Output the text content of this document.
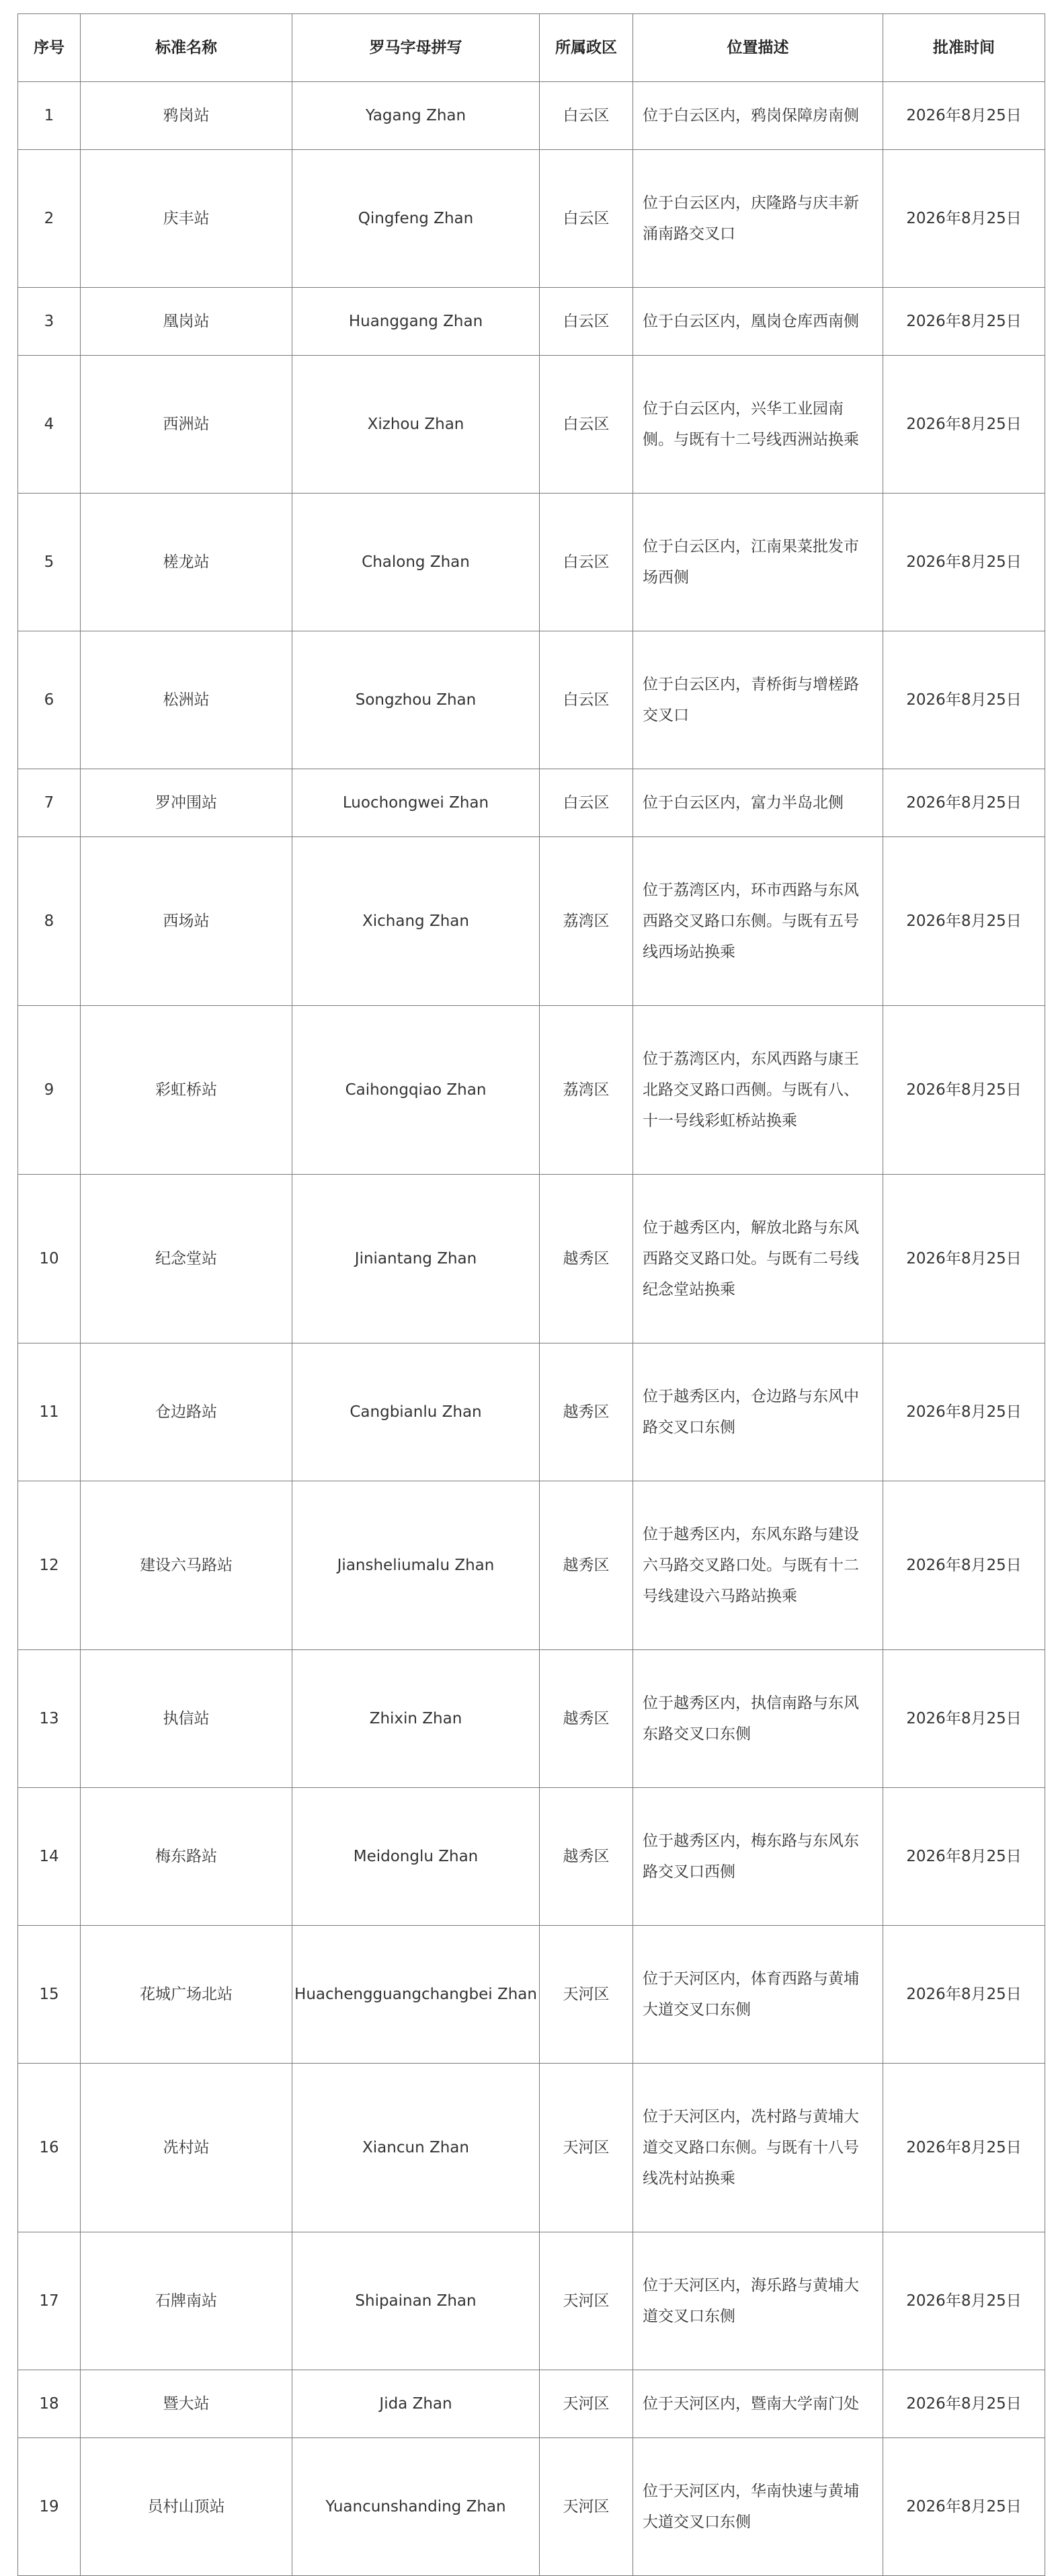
序号	标准名称	罗马字母拼写	所属政区	位置描述	批准时间
1	鸦岗站	Yagang Zhan	白云区	位于白云区内，鸦岗保障房南侧	2026年8月25日
2	庆丰站	Qingfeng Zhan	白云区	位于白云区内，庆隆路与庆丰新涌南路交叉口	2026年8月25日
3	凰岗站	Huanggang Zhan	白云区	位于白云区内，凰岗仓库西南侧	2026年8月25日
4	西洲站	Xizhou Zhan	白云区	位于白云区内，兴华工业园南侧。与既有十二号线西洲站换乘	2026年8月25日
5	槎龙站	Chalong Zhan	白云区	位于白云区内，江南果菜批发市场西侧	2026年8月25日
6	松洲站	Songzhou Zhan	白云区	位于白云区内，青桥街与增槎路交叉口	2026年8月25日
7	罗冲围站	Luochongwei Zhan	白云区	位于白云区内，富力半岛北侧	2026年8月25日
8	西场站	Xichang Zhan	荔湾区	位于荔湾区内，环市西路与东风西路交叉路口东侧。与既有五号线西场站换乘	2026年8月25日
9	彩虹桥站	Caihongqiao Zhan	荔湾区	位于荔湾区内，东风西路与康王北路交叉路口西侧。与既有八、十一号线彩虹桥站换乘	2026年8月25日
10	纪念堂站	Jiniantang Zhan	越秀区	位于越秀区内，解放北路与东风西路交叉路口处。与既有二号线纪念堂站换乘	2026年8月25日
11	仓边路站	Cangbianlu Zhan	越秀区	位于越秀区内，仓边路与东风中路交叉口东侧	2026年8月25日
12	建设六马路站	Jiansheliumalu Zhan	越秀区	位于越秀区内，东风东路与建设六马路交叉路口处。与既有十二号线建设六马路站换乘	2026年8月25日
13	执信站	Zhixin Zhan	越秀区	位于越秀区内，执信南路与东风东路交叉口东侧	2026年8月25日
14	梅东路站	Meidonglu Zhan	越秀区	位于越秀区内，梅东路与东风东路交叉口西侧	2026年8月25日
15	花城广场北站	Huachengguangchangbei Zhan	天河区	位于天河区内，体育西路与黄埔大道交叉口东侧	2026年8月25日
16	冼村站	Xiancun Zhan	天河区	位于天河区内，冼村路与黄埔大道交叉路口东侧。与既有十八号线冼村站换乘	2026年8月25日
17	石牌南站	Shipainan Zhan	天河区	位于天河区内，海乐路与黄埔大道交叉口东侧	2026年8月25日
18	暨大站	Jida Zhan	天河区	位于天河区内，暨南大学南门处	2026年8月25日
19	员村山顶站	Yuancunshanding Zhan	天河区	位于天河区内，华南快速与黄埔大道交叉口东侧	2026年8月25日
